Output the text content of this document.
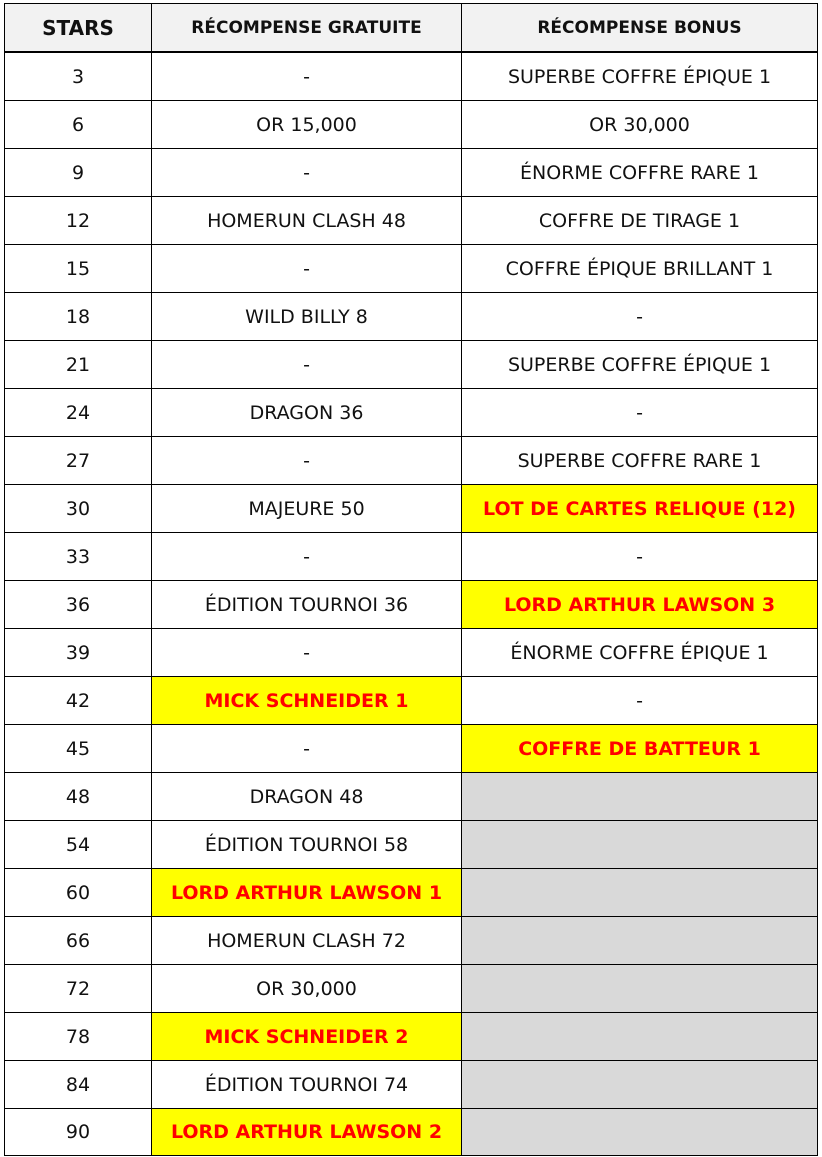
STARS	RÉCOMPENSE GRATUITE	RÉCOMPENSE BONUS
3	-	SUPERBE COFFRE ÉPIQUE 1
6	OR 15,000	OR 30,000
9	-	ÉNORME COFFRE RARE 1
12	HOMERUN CLASH 48	COFFRE DE TIRAGE 1
15	-	COFFRE ÉPIQUE BRILLANT 1
18	WILD BILLY 8	-
21	-	SUPERBE COFFRE ÉPIQUE 1
24	DRAGON 36	-
27	-	SUPERBE COFFRE RARE 1
30	MAJEURE 50	LOT DE CARTES RELIQUE (12)
33	-	-
36	ÉDITION TOURNOI 36	LORD ARTHUR LAWSON 3
39	-	ÉNORME COFFRE ÉPIQUE 1
42	MICK SCHNEIDER 1	-
45	-	COFFRE DE BATTEUR 1
48	DRAGON 48	
54	ÉDITION TOURNOI 58	
60	LORD ARTHUR LAWSON 1	
66	HOMERUN CLASH 72	
72	OR 30,000	
78	MICK SCHNEIDER 2	
84	ÉDITION TOURNOI 74	
90	LORD ARTHUR LAWSON 2	
